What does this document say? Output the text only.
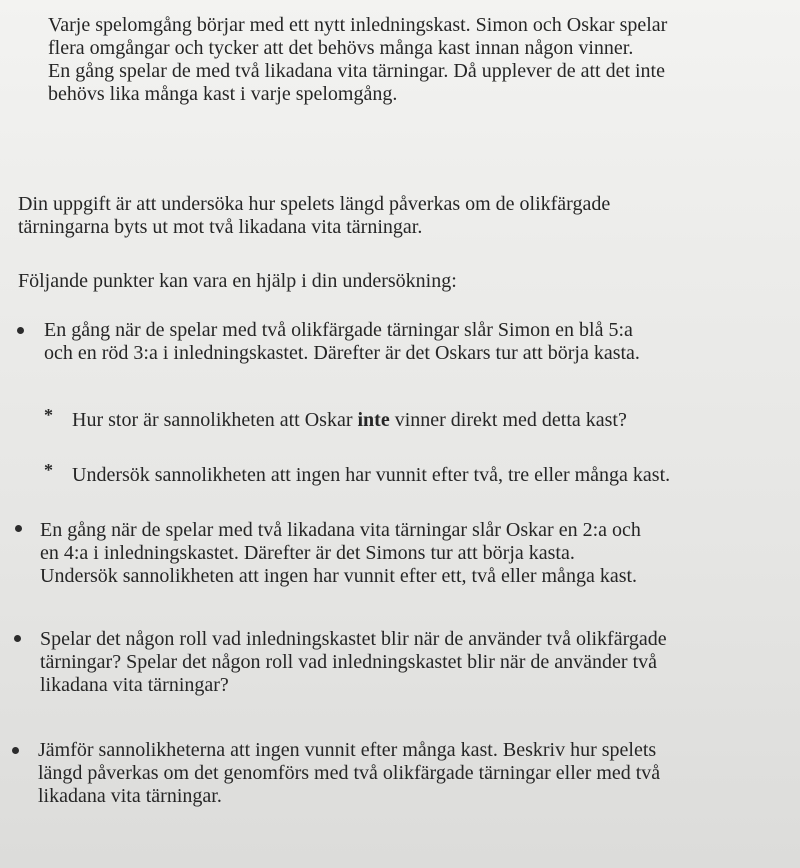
Varje spelomgång börjar med ett nytt inledningskast. Simon och Oskar spelar
flera omgångar och tycker att det behövs många kast innan någon vinner.
En gång spelar de med två likadana vita tärningar. Då upplever de att det inte
behövs lika många kast i varje spelomgång.

Din uppgift är att undersöka hur spelets längd påverkas om de olikfärgade
tärningarna byts ut mot två likadana vita tärningar.

Följande punkter kan vara en hjälp i din undersökning:

En gång när de spelar med två olikfärgade tärningar slår Simon en blå 5:a
och en röd 3:a i inledningskastet. Därefter är det Oskars tur att börja kasta.

* Hur stor är sannolikheten att Oskar inte vinner direkt med detta kast?

* Undersök sannolikheten att ingen har vunnit efter två, tre eller många kast.

En gång när de spelar med två likadana vita tärningar slår Oskar en 2:a och
en 4:a i inledningskastet. Därefter är det Simons tur att börja kasta.
Undersök sannolikheten att ingen har vunnit efter ett, två eller många kast.

Spelar det någon roll vad inledningskastet blir när de använder två olikfärgade
tärningar? Spelar det någon roll vad inledningskastet blir när de använder två
likadana vita tärningar?

Jämför sannolikheterna att ingen vunnit efter många kast. Beskriv hur spelets
längd påverkas om det genomförs med två olikfärgade tärningar eller med två
likadana vita tärningar.
